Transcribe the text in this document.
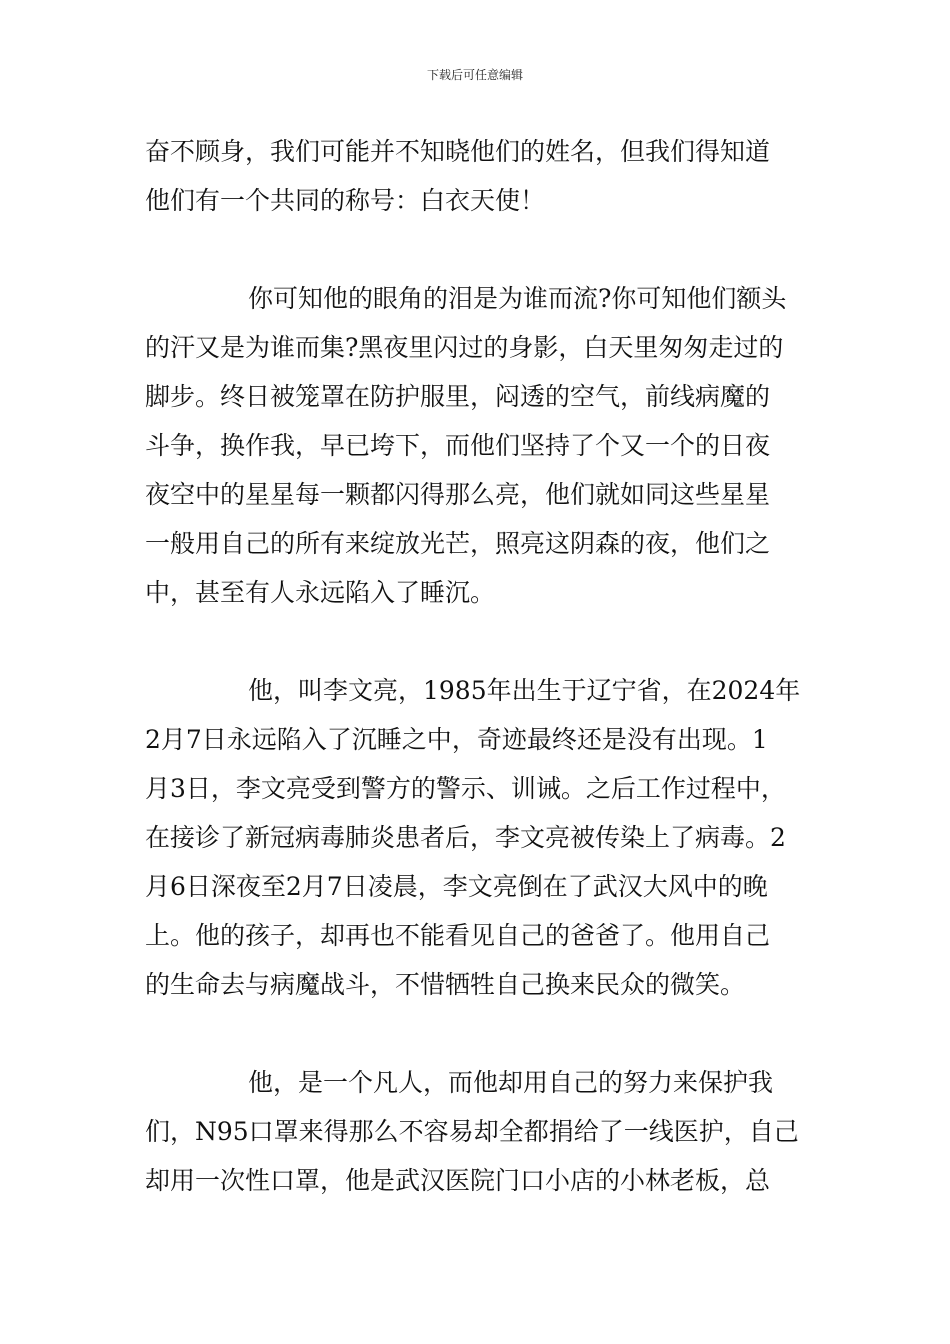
下载后可任意编辑
奋不顾身，我们可能并不知晓他们的姓名，但我们得知道
他们有一个共同的称号：白衣天使！
你可知他的眼角的泪是为谁而流?你可知他们额头
的汗又是为谁而集?黑夜里闪过的身影，白天里匆匆走过的
脚步。终日被笼罩在防护服里，闷透的空气，前线病魔的
斗争，换作我，早已垮下，而他们坚持了个又一个的日夜
夜空中的星星每一颗都闪得那么亮，他们就如同这些星星
一般用自己的所有来绽放光芒，照亮这阴森的夜，他们之
中，甚至有人永远陷入了睡沉。
他，叫李文亮，1985年出生于辽宁省，在2024年
2月7日永远陷入了沉睡之中，奇迹最终还是没有出现。1
月3日，李文亮受到警方的警示、训诫。之后工作过程中，
在接诊了新冠病毒肺炎患者后，李文亮被传染上了病毒。2
月6日深夜至2月7日凌晨，李文亮倒在了武汉大风中的晚
上。他的孩子，却再也不能看见自己的爸爸了。他用自己
的生命去与病魔战斗，不惜牺牲自己换来民众的微笑。
他，是一个凡人，而他却用自己的努力来保护我
们，N95口罩来得那么不容易却全都捐给了一线医护，自己
却用一次性口罩，他是武汉医院门口小店的小林老板，总
